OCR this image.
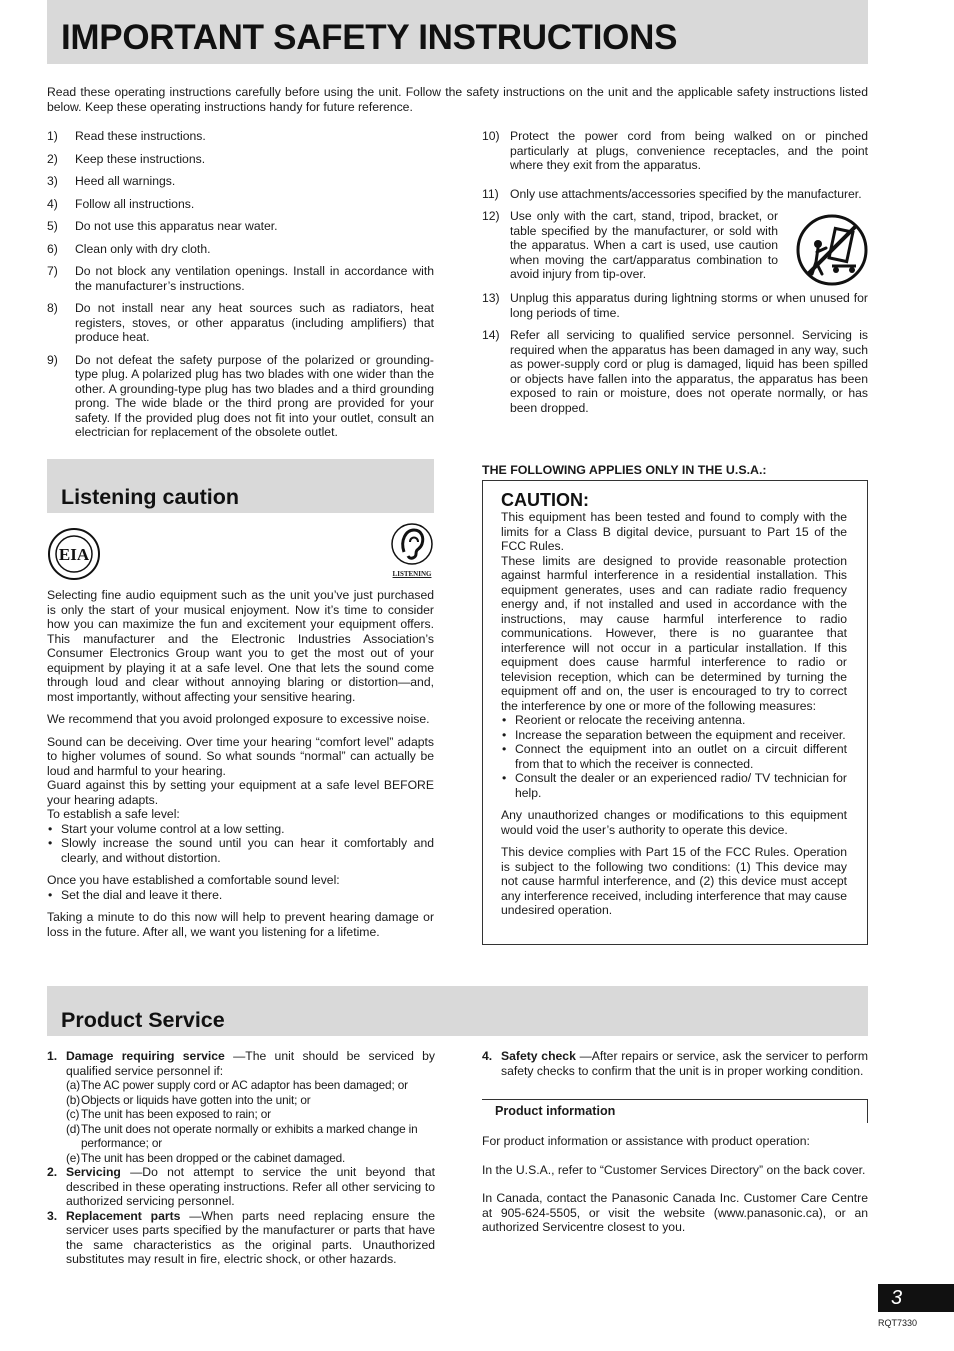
IMPORTANT SAFETY INSTRUCTIONS

Read these operating instructions carefully before using the unit. Follow the safety instructions on the unit and the applicable safety instructions listed below. Keep these operating instructions handy for future reference.

1) Read these instructions.
2) Keep these instructions.
3) Heed all warnings.
4) Follow all instructions.
5) Do not use this apparatus near water.
6) Clean only with dry cloth.
7) Do not block any ventilation openings. Install in accordance with the manufacturer’s instructions.
8) Do not install near any heat sources such as radiators, heat registers, stoves, or other apparatus (including amplifiers) that produce heat.
9) Do not defeat the safety purpose of the polarized or grounding-type plug. A polarized plug has two blades with one wider than the other. A grounding-type plug has two blades and a third grounding prong. The wide blade or the third prong are provided for your safety. If the provided plug does not fit into your outlet, consult an electrician for replacement of the obsolete outlet.
10) Protect the power cord from being walked on or pinched particularly at plugs, convenience receptacles, and the point where they exit from the apparatus.
11) Only use attachments/accessories specified by the manufacturer.
12) Use only with the cart, stand, tripod, bracket, or table specified by the manufacturer, or sold with the apparatus. When a cart is used, use caution when moving the cart/apparatus combination to avoid injury from tip-over.
13) Unplug this apparatus during lightning storms or when unused for long periods of time.
14) Refer all servicing to qualified service personnel. Servicing is required when the apparatus has been damaged in any way, such as power-supply cord or plug is damaged, liquid has been spilled or objects have fallen into the apparatus, the apparatus has been exposed to rain or moisture, does not operate normally, or has been dropped.
Listening caution
EIA
LISTENING

Selecting fine audio equipment such as the unit you’ve just purchased is only the start of your musical enjoyment. Now it’s time to consider how you can maximize the fun and excitement your equipment offers. This manufacturer and the Electronic Industries Association’s Consumer Electronics Group want you to get the most out of your equipment by playing it at a safe level. One that lets the sound come through loud and clear without annoying blaring or distortion—and, most importantly, without affecting your sensitive hearing.

We recommend that you avoid prolonged exposure to excessive noise.

Sound can be deceiving. Over time your hearing “comfort level” adapts to higher volumes of sound. So what sounds “normal” can actually be loud and harmful to your hearing.

Guard against this by setting your equipment at a safe level BEFORE your hearing adapts.

To establish a safe level:

• Start your volume control at a low setting.

• Slowly increase the sound until you can hear it comfortably and clearly, and without distortion.

Once you have established a comfortable sound level:

• Set the dial and leave it there.

Taking a minute to do this now will help to prevent hearing damage or loss in the future. After all, we want you listening for a lifetime.

THE FOLLOWING APPLIES ONLY IN THE U.S.A.:
CAUTION:

This equipment has been tested and found to comply with the limits for a Class B digital device, pursuant to Part 15 of the FCC Rules.

These limits are designed to provide reasonable protection against harmful interference in a residential installation. This equipment generates, uses and can radiate radio frequency energy and, if not installed and used in accordance with the instructions, may cause harmful interference to radio communications. However, there is no guarantee that interference will not occur in a particular installation. If this equipment does cause harmful interference to radio or television reception, which can be determined by turning the equipment off and on, the user is encouraged to try to correct the interference by one or more of the following measures:

• Reorient or relocate the receiving antenna.

• Increase the separation between the equipment and receiver.

• Connect the equipment into an outlet on a circuit different from that to which the receiver is connected.

• Consult the dealer or an experienced radio/ TV technician for help.

Any unauthorized changes or modifications to this equipment would void the user’s authority to operate this device.

This device complies with Part 15 of the FCC Rules. Operation is subject to the following two conditions: (1) This device may not cause harmful interference, and (2) this device must accept any interference received, including interference that may cause undesired operation.

Product Service
1. Damage requiring service —The unit should be serviced by qualified service personnel if:
(a) The AC power supply cord or AC adaptor has been damaged; or
(b) Objects or liquids have gotten into the unit; or
(c) The unit has been exposed to rain; or
(d) The unit does not operate normally or exhibits a marked change in performance; or
(e) The unit has been dropped or the cabinet damaged.
2. Servicing —Do not attempt to service the unit beyond that described in these operating instructions. Refer all other servicing to authorized servicing personnel.
3. Replacement parts —When parts need replacing ensure the servicer uses parts specified by the manufacturer or parts that have the same characteristics as the original parts. Unauthorized substitutes may result in fire, electric shock, or other hazards.
4. Safety check —After repairs or service, ask the servicer to perform safety checks to confirm that the unit is in proper working condition.
Product information

For product information or assistance with product operation:

In the U.S.A., refer to “Customer Services Directory” on the back cover.

In Canada, contact the Panasonic Canada Inc. Customer Care Centre at 905-624-5505, or visit the website (www.panasonic.ca), or an authorized Servicentre closest to you.

3
RQT7330
